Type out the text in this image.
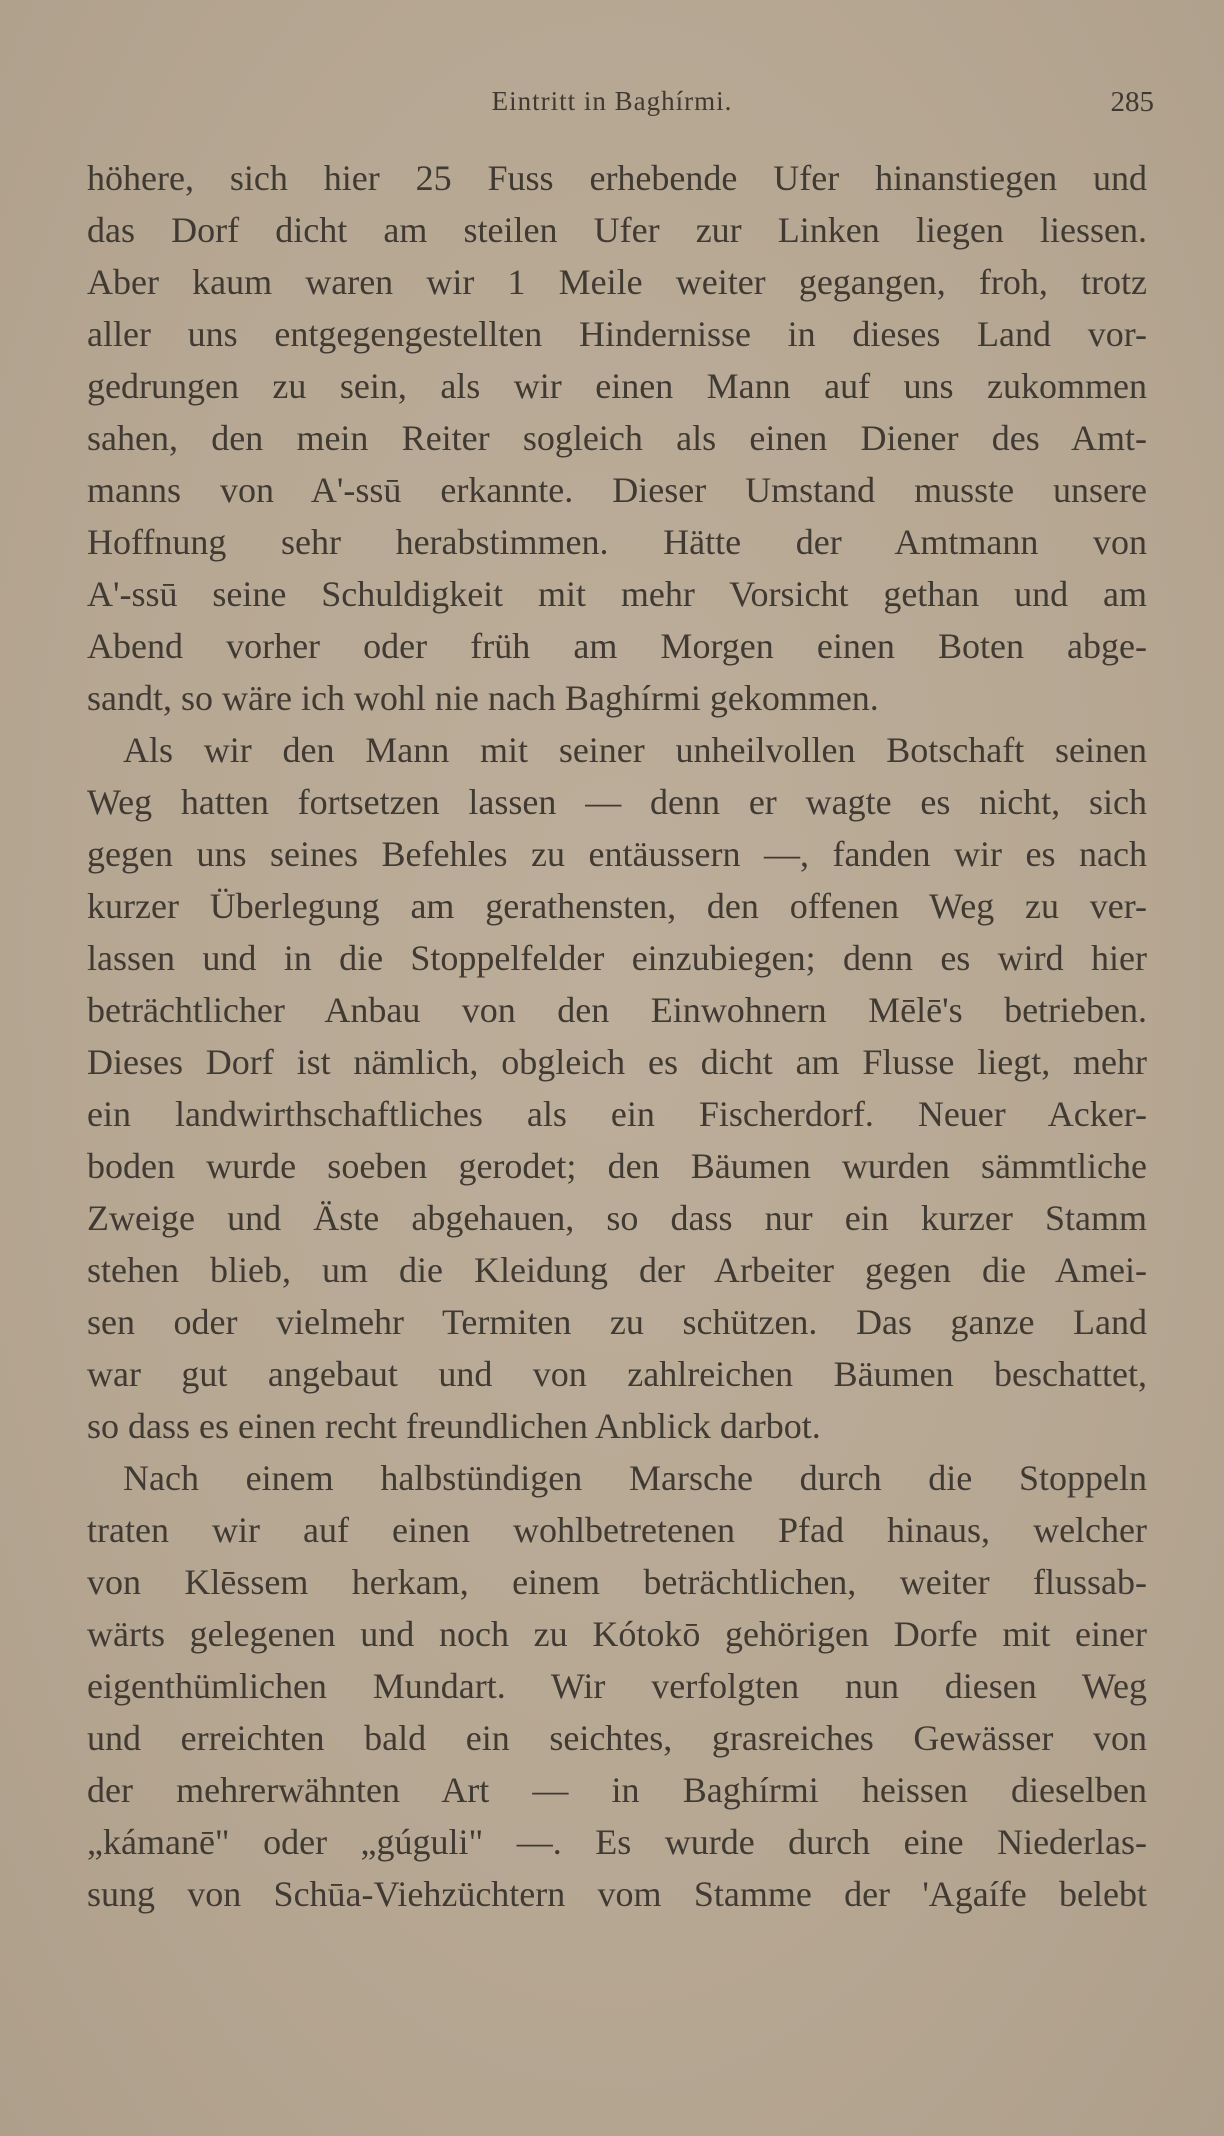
Eintritt in Baghírmi.	285
höhere, sich hier 25 Fuss erhebende Ufer hinanstiegen und
das Dorf dicht am steilen Ufer zur Linken liegen liessen.
Aber kaum waren wir 1 Meile weiter gegangen, froh, trotz
aller uns entgegengestellten Hindernisse in dieses Land vor-
gedrungen zu sein, als wir einen Mann auf uns zukommen
sahen, den mein Reiter sogleich als einen Diener des Amt-
manns von A'-ssū erkannte. Dieser Umstand musste unsere
Hoffnung sehr herabstimmen. Hätte der Amtmann von
A'-ssū seine Schuldigkeit mit mehr Vorsicht gethan und am
Abend vorher oder früh am Morgen einen Boten abge-
sandt, so wäre ich wohl nie nach Baghírmi gekommen.
Als wir den Mann mit seiner unheilvollen Botschaft seinen
Weg hatten fortsetzen lassen — denn er wagte es nicht, sich
gegen uns seines Befehles zu entäussern —, fanden wir es nach
kurzer Überlegung am gerathensten, den offenen Weg zu ver-
lassen und in die Stoppelfelder einzubiegen; denn es wird hier
beträchtlicher Anbau von den Einwohnern Mēlē's betrieben.
Dieses Dorf ist nämlich, obgleich es dicht am Flusse liegt, mehr
ein landwirthschaftliches als ein Fischerdorf. Neuer Acker-
boden wurde soeben gerodet; den Bäumen wurden sämmtliche
Zweige und Äste abgehauen, so dass nur ein kurzer Stamm
stehen blieb, um die Kleidung der Arbeiter gegen die Amei-
sen oder vielmehr Termiten zu schützen. Das ganze Land
war gut angebaut und von zahlreichen Bäumen beschattet,
so dass es einen recht freundlichen Anblick darbot.
Nach einem halbstündigen Marsche durch die Stoppeln
traten wir auf einen wohlbetretenen Pfad hinaus, welcher
von Klēssem herkam, einem beträchtlichen, weiter flussab-
wärts gelegenen und noch zu Kótokō gehörigen Dorfe mit einer
eigenthümlichen Mundart. Wir verfolgten nun diesen Weg
und erreichten bald ein seichtes, grasreiches Gewässer von
der mehrerwähnten Art — in Baghírmi heissen dieselben
„kámanē" oder „gúguli" —. Es wurde durch eine Niederlas-
sung von Schūa-Viehzüchtern vom Stamme der 'Agaífe belebt
